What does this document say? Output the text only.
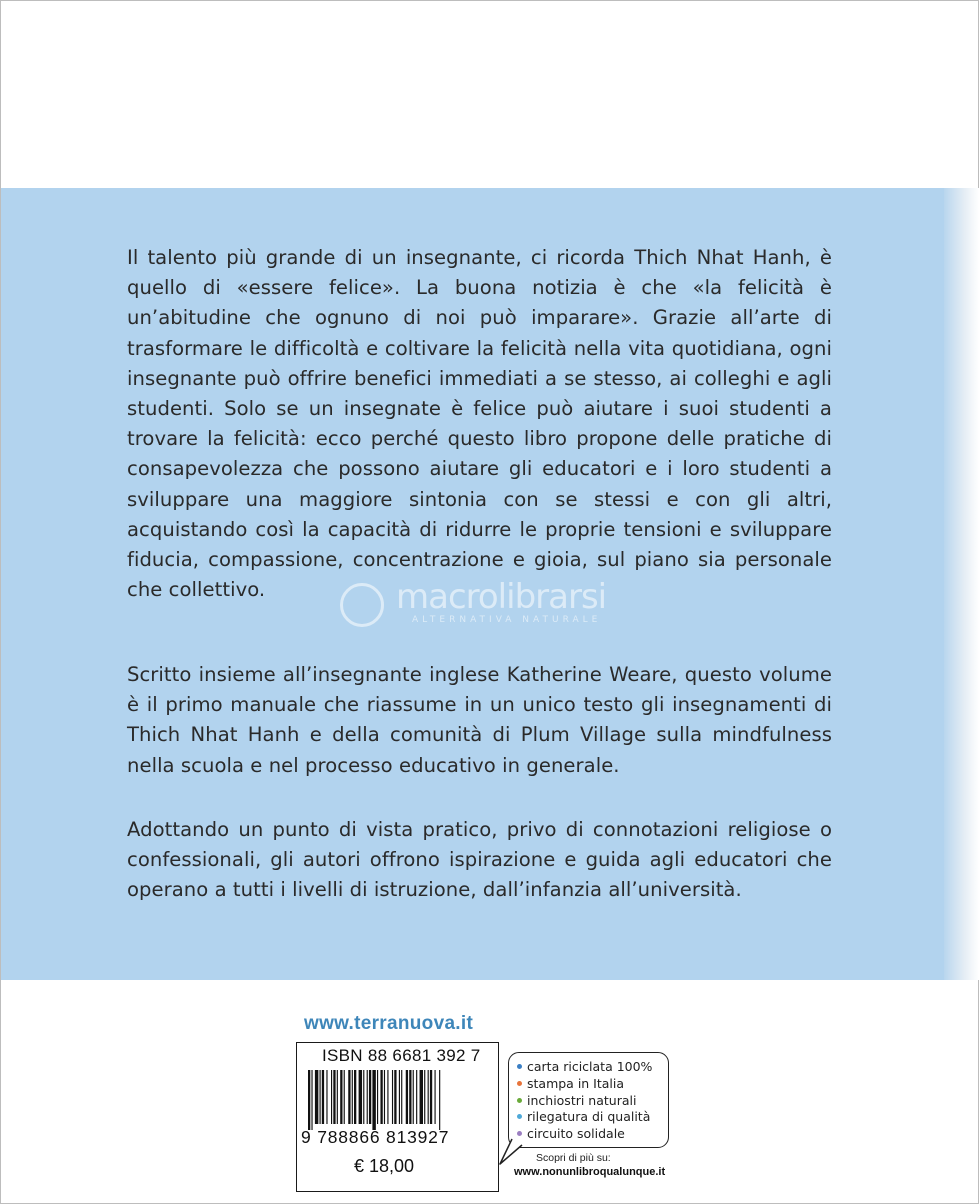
Il talento più grande di un insegnante, ci ricorda Thich Nhat Hanh, è quello di «essere felice». La buona notizia è che «la felicità è un’abitudine che ognuno di noi può imparare». Grazie all’arte di trasformare le difficoltà e coltivare la felicità nella vita quotidiana, ogni insegnante può offrire benefici immediati a se stesso, ai colleghi e agli studenti. Solo se un insegnate è felice può aiutare i suoi studenti a trovare la felicità: ecco perché questo libro propone delle pratiche di consapevolezza che possono aiutare gli educatori e i loro studenti a sviluppare una maggiore sintonia con se stessi e con gli altri, acquistando così la capacità di ridurre le proprie tensioni e sviluppare fiducia, compassione, concentrazione e gioia, sul piano sia personale che collettivo.

Scritto insieme all’insegnante inglese Katherine Weare, questo volume è il primo manuale che riassume in un unico testo gli insegnamenti di Thich Nhat Hanh e della comunità di Plum Village sulla mindfulness nella scuola e nel processo educativo in generale.

Adottando un punto di vista pratico, privo di connotazioni religiose o confessionali, gli autori offrono ispirazione e guida agli educatori che operano a tutti i livelli di istruzione, dall’infanzia all’università.

macrolibrarsi
ALTERNATIVA NATURALE
www.terranuova.it
ISBN 88 6681 392 7
9 788866 813927
€ 18,00
carta riciclata 100%
stampa in Italia
inchiostri naturali
rilegatura di qualità
circuito solidale
Scopri di più su:
www.nonunlibroqualunque.it
